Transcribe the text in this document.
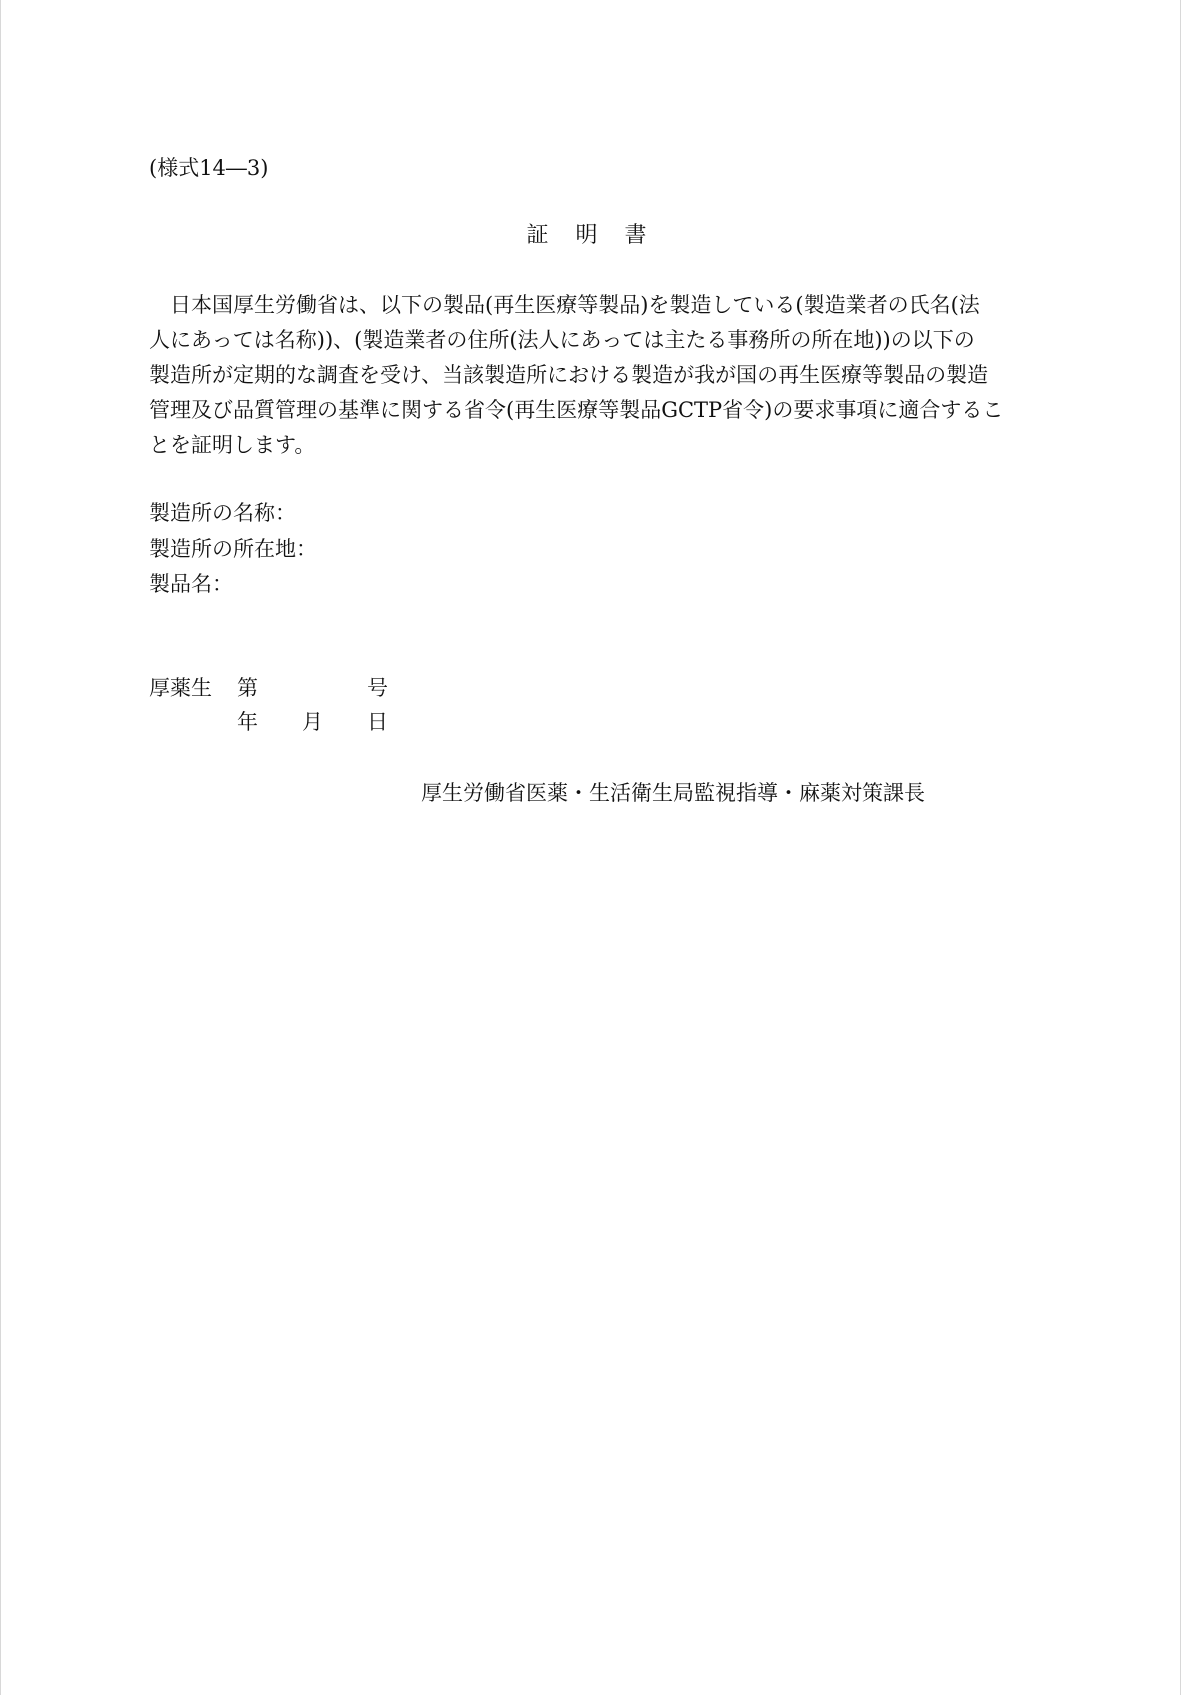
(様式14―3)
証 明 書
　日本国厚生労働省は、以下の製品(再生医療等製品)を製造している(製造業者の氏名(法
人にあっては名称))、(製造業者の住所(法人にあっては主たる事務所の所在地))の以下の
製造所が定期的な調査を受け、当該製造所における製造が我が国の再生医療等製品の製造
管理及び品質管理の基準に関する省令(再生医療等製品GCTP省令)の要求事項に適合するこ
とを証明します。
製造所の名称：
製造所の所在地：
製品名：
厚薬生 第	号
年 月 日
厚生労働省医薬・生活衛生局監視指導・麻薬対策課長
